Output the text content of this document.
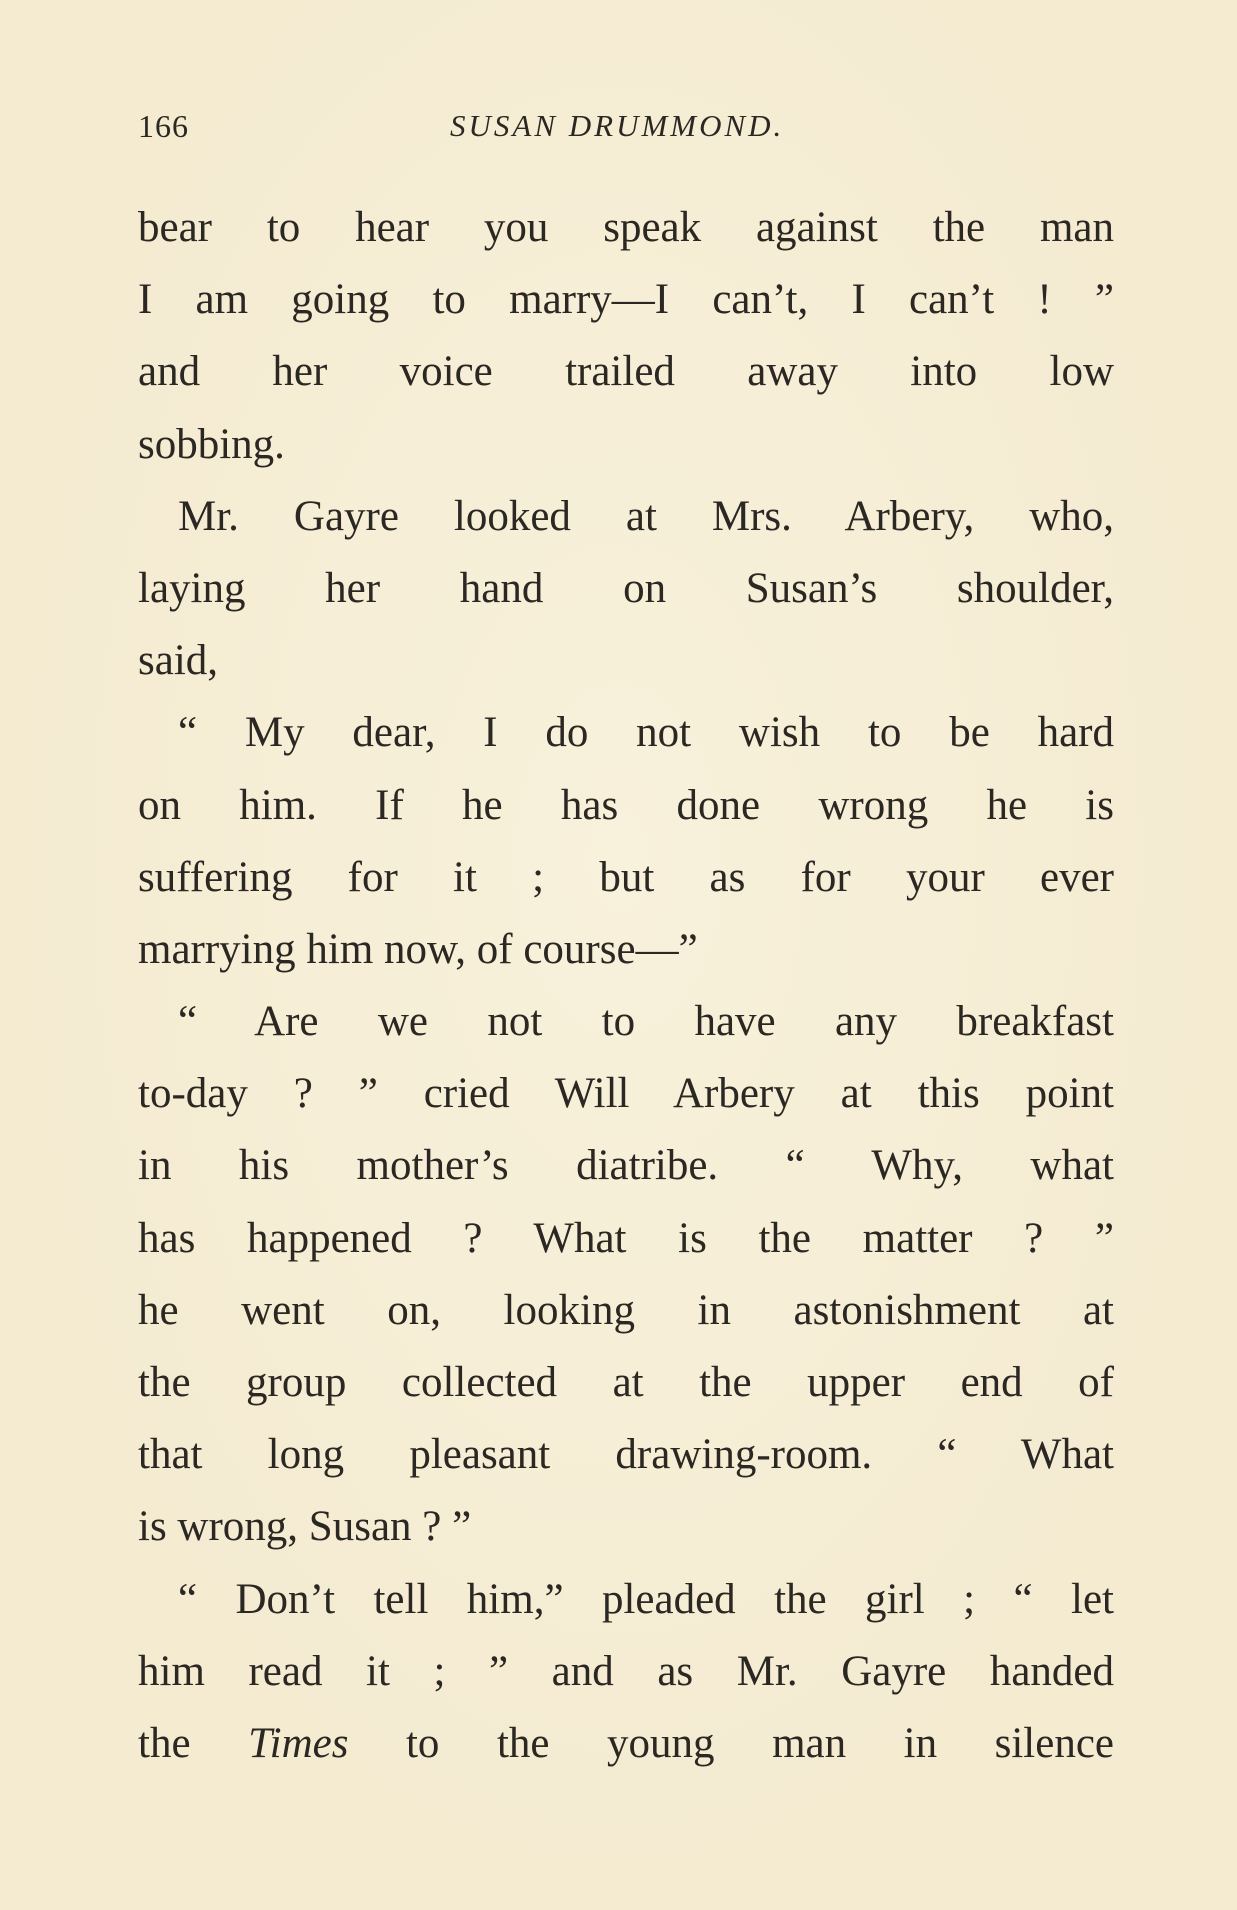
166	SUSAN DRUMMOND.
bear to hear you speak against the man
I am going to marry—I can’t, I can’t ! ”
and her voice trailed away into low
sobbing.
Mr. Gayre looked at Mrs. Arbery, who,
laying her hand on Susan’s shoulder,
said,
“ My dear, I do not wish to be hard
on him. If he has done wrong he is
suffering for it ; but as for your ever
marrying him now, of course—”
“ Are we not to have any breakfast
to-day ? ” cried Will Arbery at this point
in his mother’s diatribe. “ Why, what
has happened ? What is the matter ? ”
he went on, looking in astonishment at
the group collected at the upper end of
that long pleasant drawing-room. “ What
is wrong, Susan ? ”
“ Don’t tell him,” pleaded the girl ; “ let
him read it ; ” and as Mr. Gayre handed
the Times to the young man in silence
